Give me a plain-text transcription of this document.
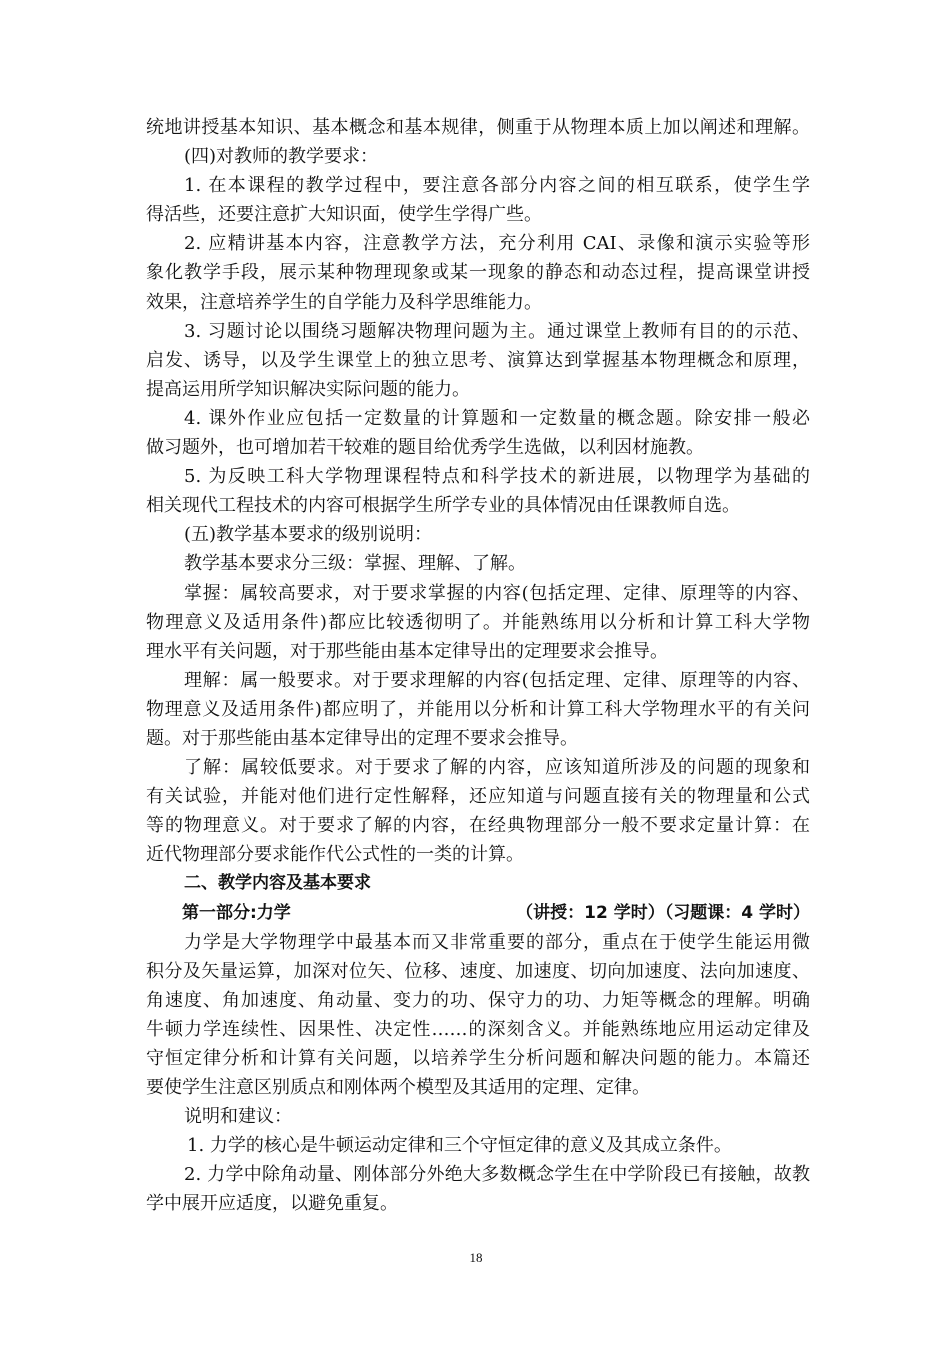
统地讲授基本知识、基本概念和基本规律，侧重于从物理本质上加以阐述和理解。
(四)对教师的教学要求：
1. 在本课程的教学过程中，要注意各部分内容之间的相互联系，使学生学
得活些，还要注意扩大知识面，使学生学得广些。
2. 应精讲基本内容，注意教学方法，充分利用 CAI、录像和演示实验等形
象化教学手段，展示某种物理现象或某一现象的静态和动态过程，提高课堂讲授
效果，注意培养学生的自学能力及科学思维能力。
3. 习题讨论以围绕习题解决物理问题为主。通过课堂上教师有目的的示范、
启发、诱导，以及学生课堂上的独立思考、演算达到掌握基本物理概念和原理，
提高运用所学知识解决实际问题的能力。
4. 课外作业应包括一定数量的计算题和一定数量的概念题。除安排一般必
做习题外，也可增加若干较难的题目给优秀学生选做，以利因材施教。
5. 为反映工科大学物理课程特点和科学技术的新进展，以物理学为基础的
相关现代工程技术的内容可根据学生所学专业的具体情况由任课教师自选。
(五)教学基本要求的级别说明：
教学基本要求分三级：掌握、理解、了解。
掌握：属较高要求，对于要求掌握的内容(包括定理、定律、原理等的内容、
物理意义及适用条件)都应比较透彻明了。并能熟练用以分析和计算工科大学物
理水平有关问题，对于那些能由基本定律导出的定理要求会推导。
理解：属一般要求。对于要求理解的内容(包括定理、定律、原理等的内容、
物理意义及适用条件)都应明了，并能用以分析和计算工科大学物理水平的有关问
题。对于那些能由基本定律导出的定理不要求会推导。
了解：属较低要求。对于要求了解的内容，应该知道所涉及的问题的现象和
有关试验，并能对他们进行定性解释，还应知道与问题直接有关的物理量和公式
等的物理意义。对于要求了解的内容，在经典物理部分一般不要求定量计算：在
近代物理部分要求能作代公式性的一类的计算。
二、教学内容及基本要求
第一部分:力学	（讲授：12 学时）（习题课：4 学时）
力学是大学物理学中最基本而又非常重要的部分，重点在于使学生能运用微
积分及矢量运算，加深对位矢、位移、速度、加速度、切向加速度、法向加速度、
角速度、角加速度、角动量、变力的功、保守力的功、力矩等概念的理解。明确
牛顿力学连续性、因果性、决定性……的深刻含义。并能熟练地应用运动定律及
守恒定律分析和计算有关问题，以培养学生分析问题和解决问题的能力。本篇还
要使学生注意区别质点和刚体两个模型及其适用的定理、定律。
说明和建议：
1. 力学的核心是牛顿运动定律和三个守恒定律的意义及其成立条件。
2. 力学中除角动量、刚体部分外绝大多数概念学生在中学阶段已有接触，故教
学中展开应适度，以避免重复。
18
